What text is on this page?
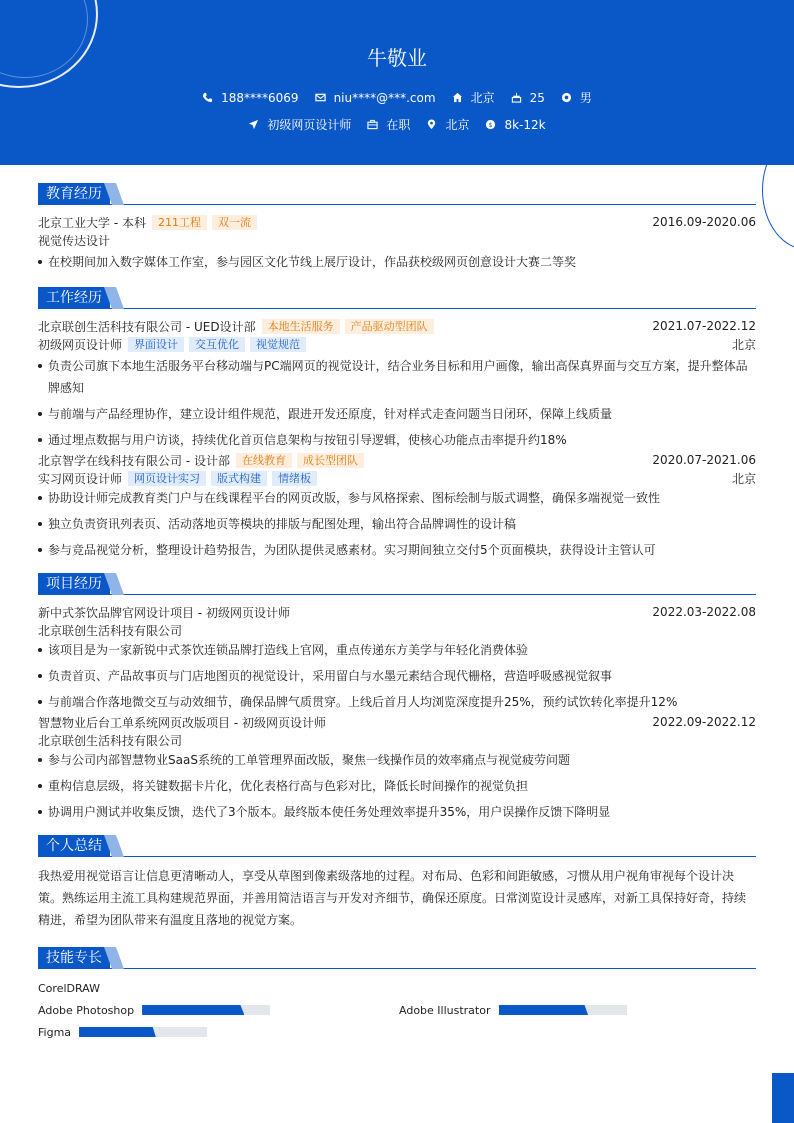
牛敬业
188****6069	niu****@***.com	北京	25	男
初级网页设计师	在职	北京	$ 8k-12k
教育经历
北京工业大学 - 本科	211工程	双一流	2016.09-2020.06
视觉传达设计
在校期间加入数字媒体工作室，参与园区文化节线上展厅设计，作品获校级网页创意设计大赛二等奖
工作经历
北京联创生活科技有限公司 - UED设计部	本地生活服务	产品驱动型团队	2021.07-2022.12
初级网页设计师	界面设计	交互优化	视觉规范	北京
负责公司旗下本地生活服务平台移动端与PC端网页的视觉设计，结合业务目标和用户画像，输出高保真界面与交互方案，提升整体品
牌感知
与前端与产品经理协作，建立设计组件规范，跟进开发还原度，针对样式走查问题当日闭环，保障上线质量
通过埋点数据与用户访谈，持续优化首页信息架构与按钮引导逻辑，使核心功能点击率提升约18%
北京智学在线科技有限公司 - 设计部	在线教育	成长型团队	2020.07-2021.06
实习网页设计师	网页设计实习	版式构建	情绪板	北京
协助设计师完成教育类门户与在线课程平台的网页改版，参与风格探索、图标绘制与版式调整，确保多端视觉一致性
独立负责资讯列表页、活动落地页等模块的排版与配图处理，输出符合品牌调性的设计稿
参与竞品视觉分析，整理设计趋势报告，为团队提供灵感素材。实习期间独立交付5个页面模块，获得设计主管认可
项目经历
新中式茶饮品牌官网设计项目 - 初级网页设计师	2022.03-2022.08
北京联创生活科技有限公司
该项目是为一家新锐中式茶饮连锁品牌打造线上官网，重点传递东方美学与年轻化消费体验
负责首页、产品故事页与门店地图页的视觉设计，采用留白与水墨元素结合现代栅格，营造呼吸感视觉叙事
与前端合作落地微交互与动效细节，确保品牌气质贯穿。上线后首月人均浏览深度提升25%，预约试饮转化率提升12%
智慧物业后台工单系统网页改版项目 - 初级网页设计师	2022.09-2022.12
北京联创生活科技有限公司
参与公司内部智慧物业SaaS系统的工单管理界面改版，聚焦一线操作员的效率痛点与视觉疲劳问题
重构信息层级，将关键数据卡片化，优化表格行高与色彩对比，降低长时间操作的视觉负担
协调用户测试并收集反馈，迭代了3个版本。最终版本使任务处理效率提升35%，用户误操作反馈下降明显
个人总结
我热爱用视觉语言让信息更清晰动人，享受从草图到像素级落地的过程。对布局、色彩和间距敏感，习惯从用户视角审视每个设计决
策。熟练运用主流工具构建规范界面，并善用简洁语言与开发对齐细节，确保还原度。日常浏览设计灵感库，对新工具保持好奇，持续
精进，希望为团队带来有温度且落地的视觉方案。
技能专长
CorelDRAW
Adobe Photoshop	Adobe Illustrator
Figma
